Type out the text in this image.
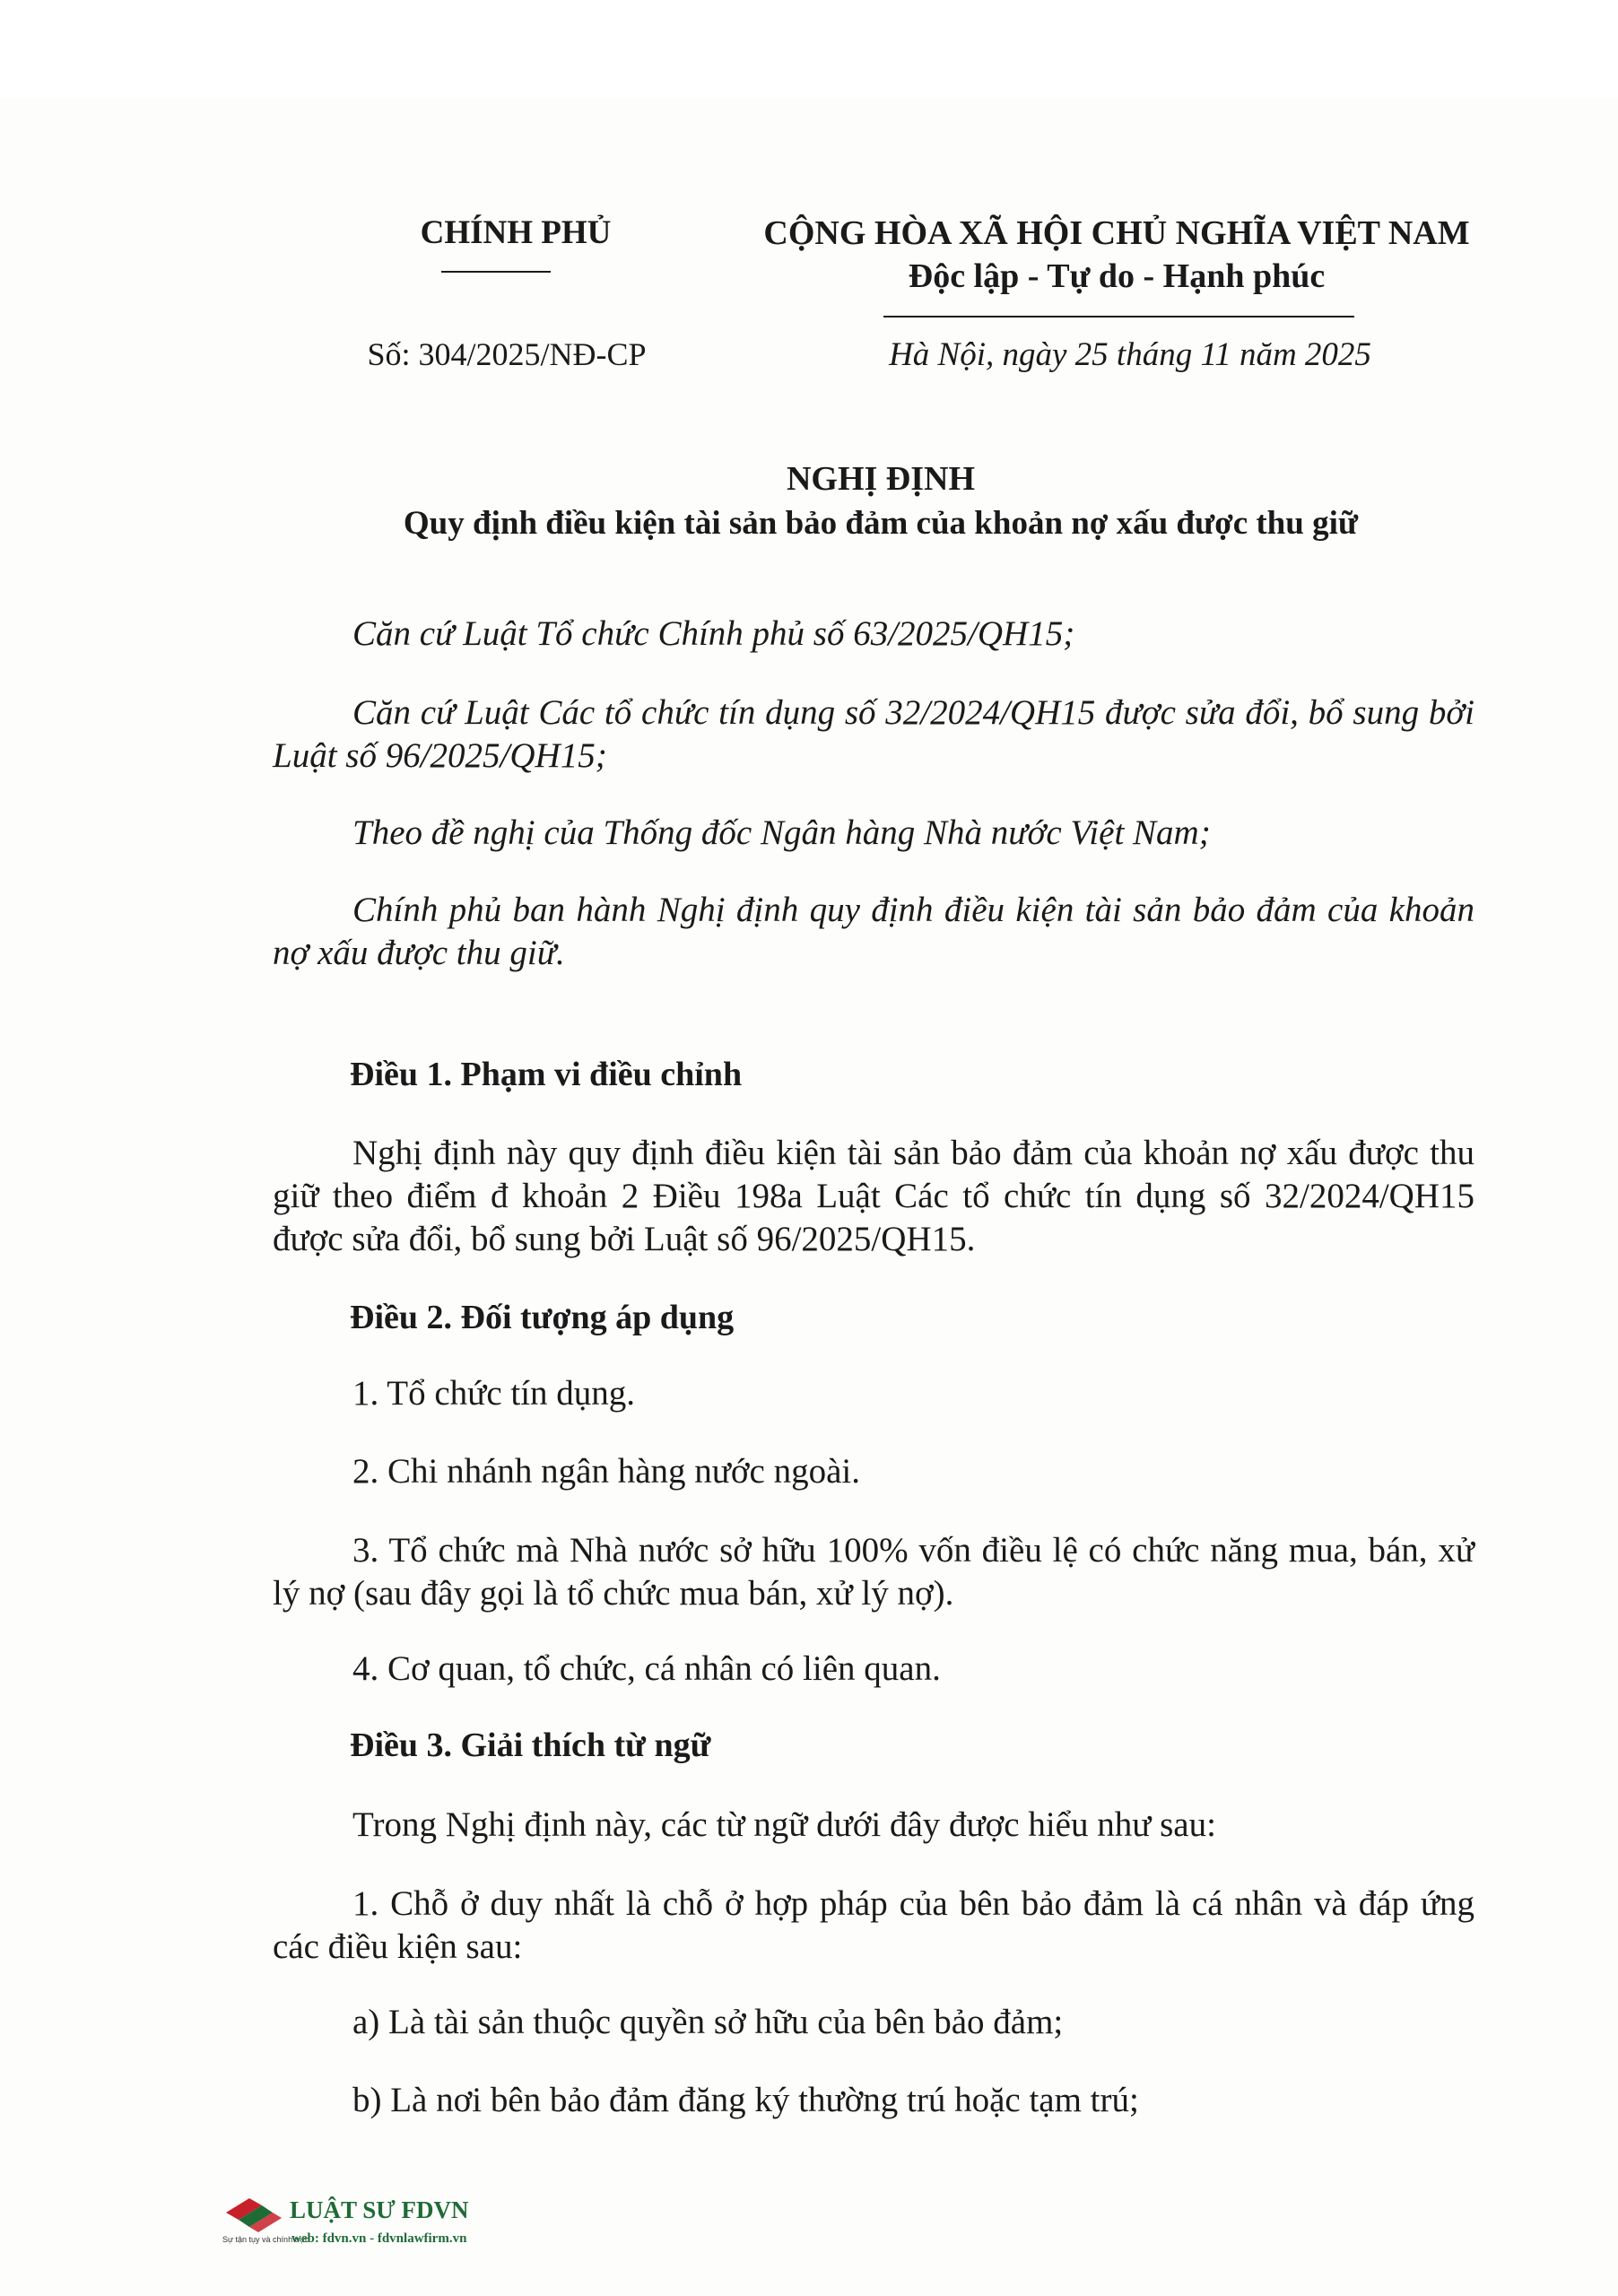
CHÍNH PHỦ	CỘNG HÒA XÃ HỘI CHỦ NGHĨA VIỆT NAM
Độc lập - Tự do - Hạnh phúc
Số: 304/2025/NĐ-CP	Hà Nội, ngày 25 tháng 11 năm 2025
NGHỊ ĐỊNH
Quy định điều kiện tài sản bảo đảm của khoản nợ xấu được thu giữ
Căn cứ Luật Tổ chức Chính phủ số 63/2025/QH15;
Căn cứ Luật Các tổ chức tín dụng số 32/2024/QH15 được sửa đổi, bổ sung bởi Luật số 96/2025/QH15;
Theo đề nghị của Thống đốc Ngân hàng Nhà nước Việt Nam;
Chính phủ ban hành Nghị định quy định điều kiện tài sản bảo đảm của khoản nợ xấu được thu giữ.
Điều 1. Phạm vi điều chỉnh
Nghị định này quy định điều kiện tài sản bảo đảm của khoản nợ xấu được thu giữ theo điểm đ khoản 2 Điều 198a Luật Các tổ chức tín dụng số 32/2024/QH15 được sửa đổi, bổ sung bởi Luật số 96/2025/QH15.
Điều 2. Đối tượng áp dụng
1. Tổ chức tín dụng.
2. Chi nhánh ngân hàng nước ngoài.
3. Tổ chức mà Nhà nước sở hữu 100% vốn điều lệ có chức năng mua, bán, xử lý nợ (sau đây gọi là tổ chức mua bán, xử lý nợ).
4. Cơ quan, tổ chức, cá nhân có liên quan.
Điều 3. Giải thích từ ngữ
Trong Nghị định này, các từ ngữ dưới đây được hiểu như sau:
1. Chỗ ở duy nhất là chỗ ở hợp pháp của bên bảo đảm là cá nhân và đáp ứng các điều kiện sau:
a) Là tài sản thuộc quyền sở hữu của bên bảo đảm;
b) Là nơi bên bảo đảm đăng ký thường trú hoặc tạm trú;
LUẬT SƯ FDVN
Sự tận tụy và chính trực
web: fdvn.vn - fdvnlawfirm.vn
